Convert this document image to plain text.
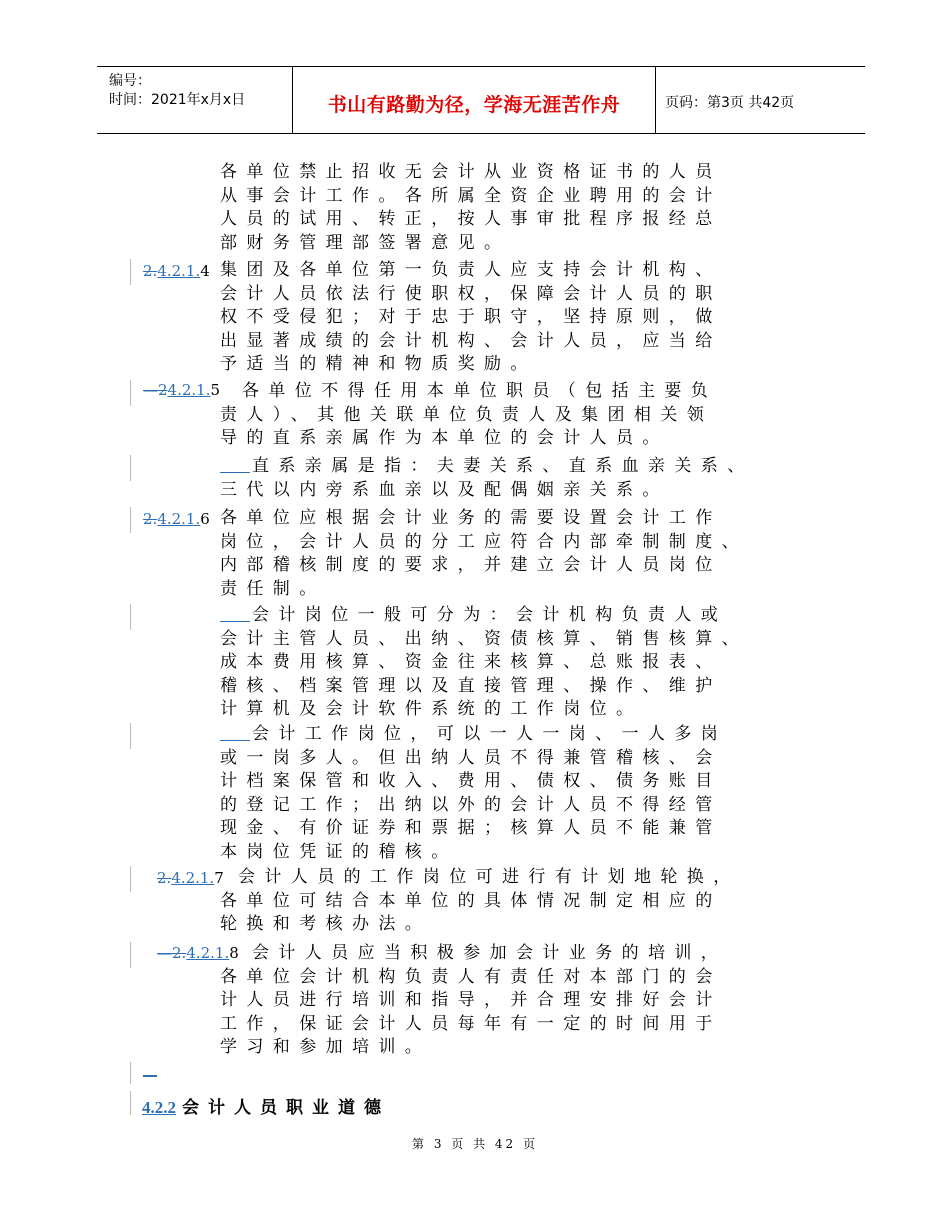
编号：
时间：2021年x月x日	书山有路勤为径，学海无涯苦作舟	页码：第3页 共42页
各单位禁止招收无会计从业资格证书的人员
从事会计工作。各所属全资企业聘用的会计
人员的试用、转正，按人事审批程序报经总
部财务管理部签署意见。
2.4.2.1.4 集团及各单位第一负责人应支持会计机构、
会计人员依法行使职权，保障会计人员的职
权不受侵犯；对于忠于职守，坚持原则，做
出显著成绩的会计机构、会计人员，应当给
予适当的精神和物质奖励。
—24.2.1.5 各单位不得任用本单位职员（包括主要负
责人）、其他关联单位负责人及集团相关领
导的直系亲属作为本单位的会计人员。
直系亲属是指：夫妻关系、直系血亲关系、
三代以内旁系血亲以及配偶姻亲关系。
2.4.2.1.6 各单位应根据会计业务的需要设置会计工作
岗位，会计人员的分工应符合内部牵制制度、
内部稽核制度的要求，并建立会计人员岗位
责任制。
会计岗位一般可分为：会计机构负责人或
会计主管人员、出纳、资债核算、销售核算、
成本费用核算、资金往来核算、总账报表、
稽核、档案管理以及直接管理、操作、维护
计算机及会计软件系统的工作岗位。
会计工作岗位，可以一人一岗、一人多岗
或一岗多人。但出纳人员不得兼管稽核、会
计档案保管和收入、费用、债权、债务账目
的登记工作；出纳以外的会计人员不得经管
现金、有价证券和票据；核算人员不能兼管
本岗位凭证的稽核。
2.4.2.1.7 会计人员的工作岗位可进行有计划地轮换，
各单位可结合本单位的具体情况制定相应的
轮换和考核办法。
—2.4.2.1.8 会计人员应当积极参加会计业务的培训，
各单位会计机构负责人有责任对本部门的会
计人员进行培训和指导，并合理安排好会计
工作，保证会计人员每年有一定的时间用于
学习和参加培训。
4.2.2 会计人员职业道德
第 3 页 共 42 页
